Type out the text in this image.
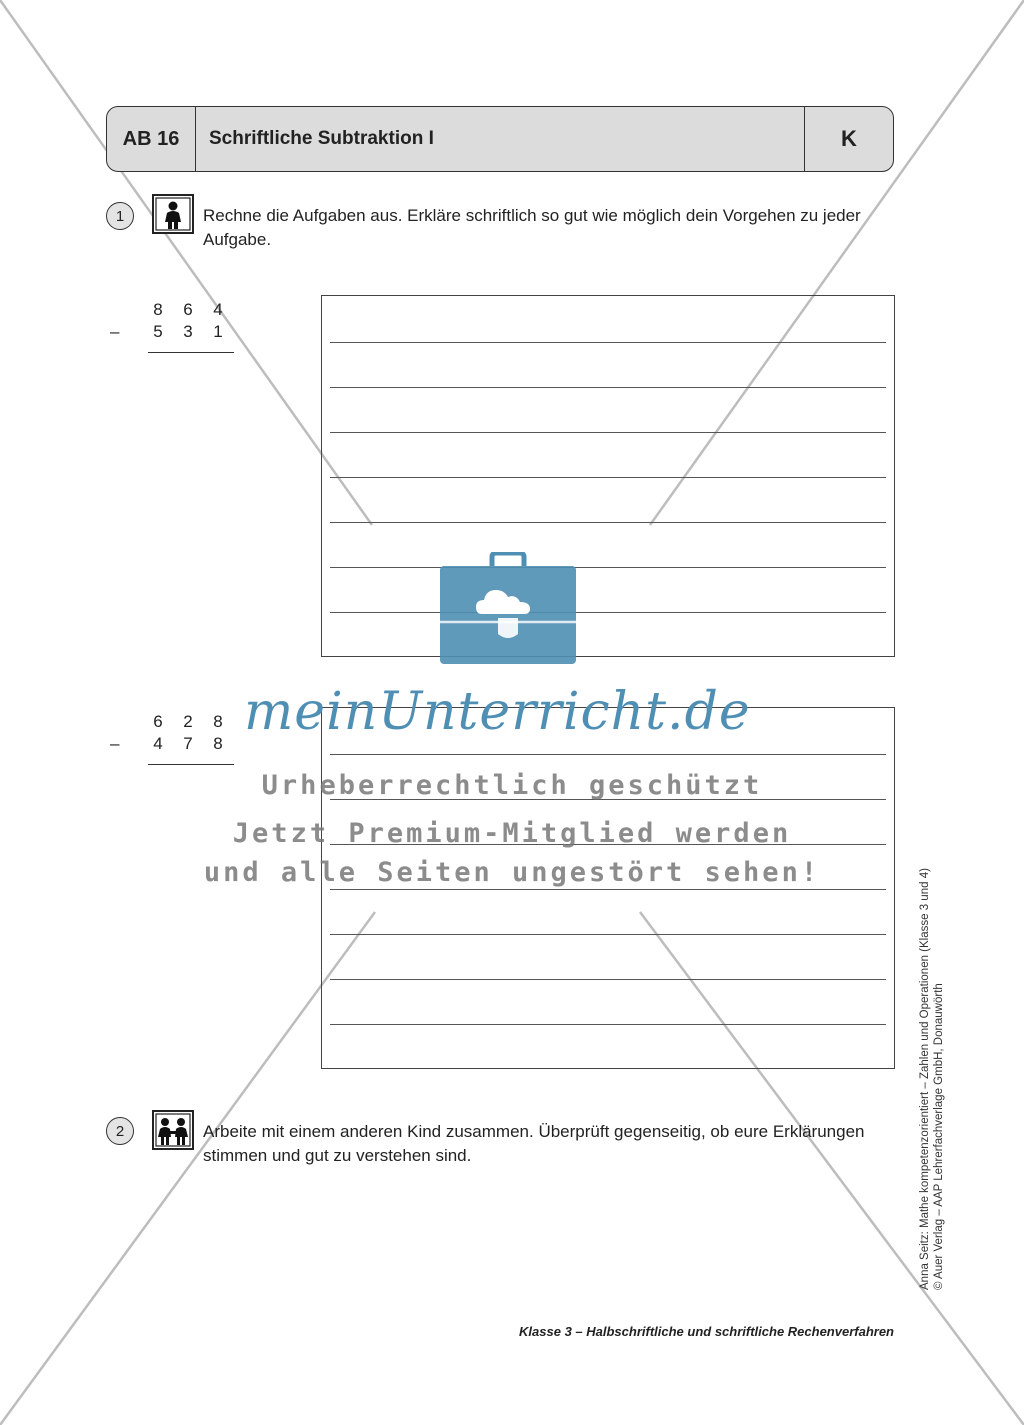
AB 16	Schriftliche Subtraktion I	K
1	Rechne die Aufgaben aus. Erkläre schriftlich so gut wie möglich dein Vorgehen zu jeder Aufgabe.
8	6	4
–	5	3	1
6	2	8
–	4	7	8
2	Arbeite mit einem anderen Kind zusammen. Überprüft gegenseitig, ob eure Erklärungen stimmen und gut zu verstehen sind.
meinUnterricht.de
Urheberrechtlich geschützt
Jetzt Premium-Mitglied werden
und alle Seiten ungestört sehen!	Anna Seitz: Mathe kompetenzorientiert – Zahlen und Operationen (Klasse 3 und 4) © Auer Verlag – AAP Lehrerfachverlage GmbH, Donauwörth
Klasse 3 – Halbschriftliche und schriftliche Rechenverfahren
